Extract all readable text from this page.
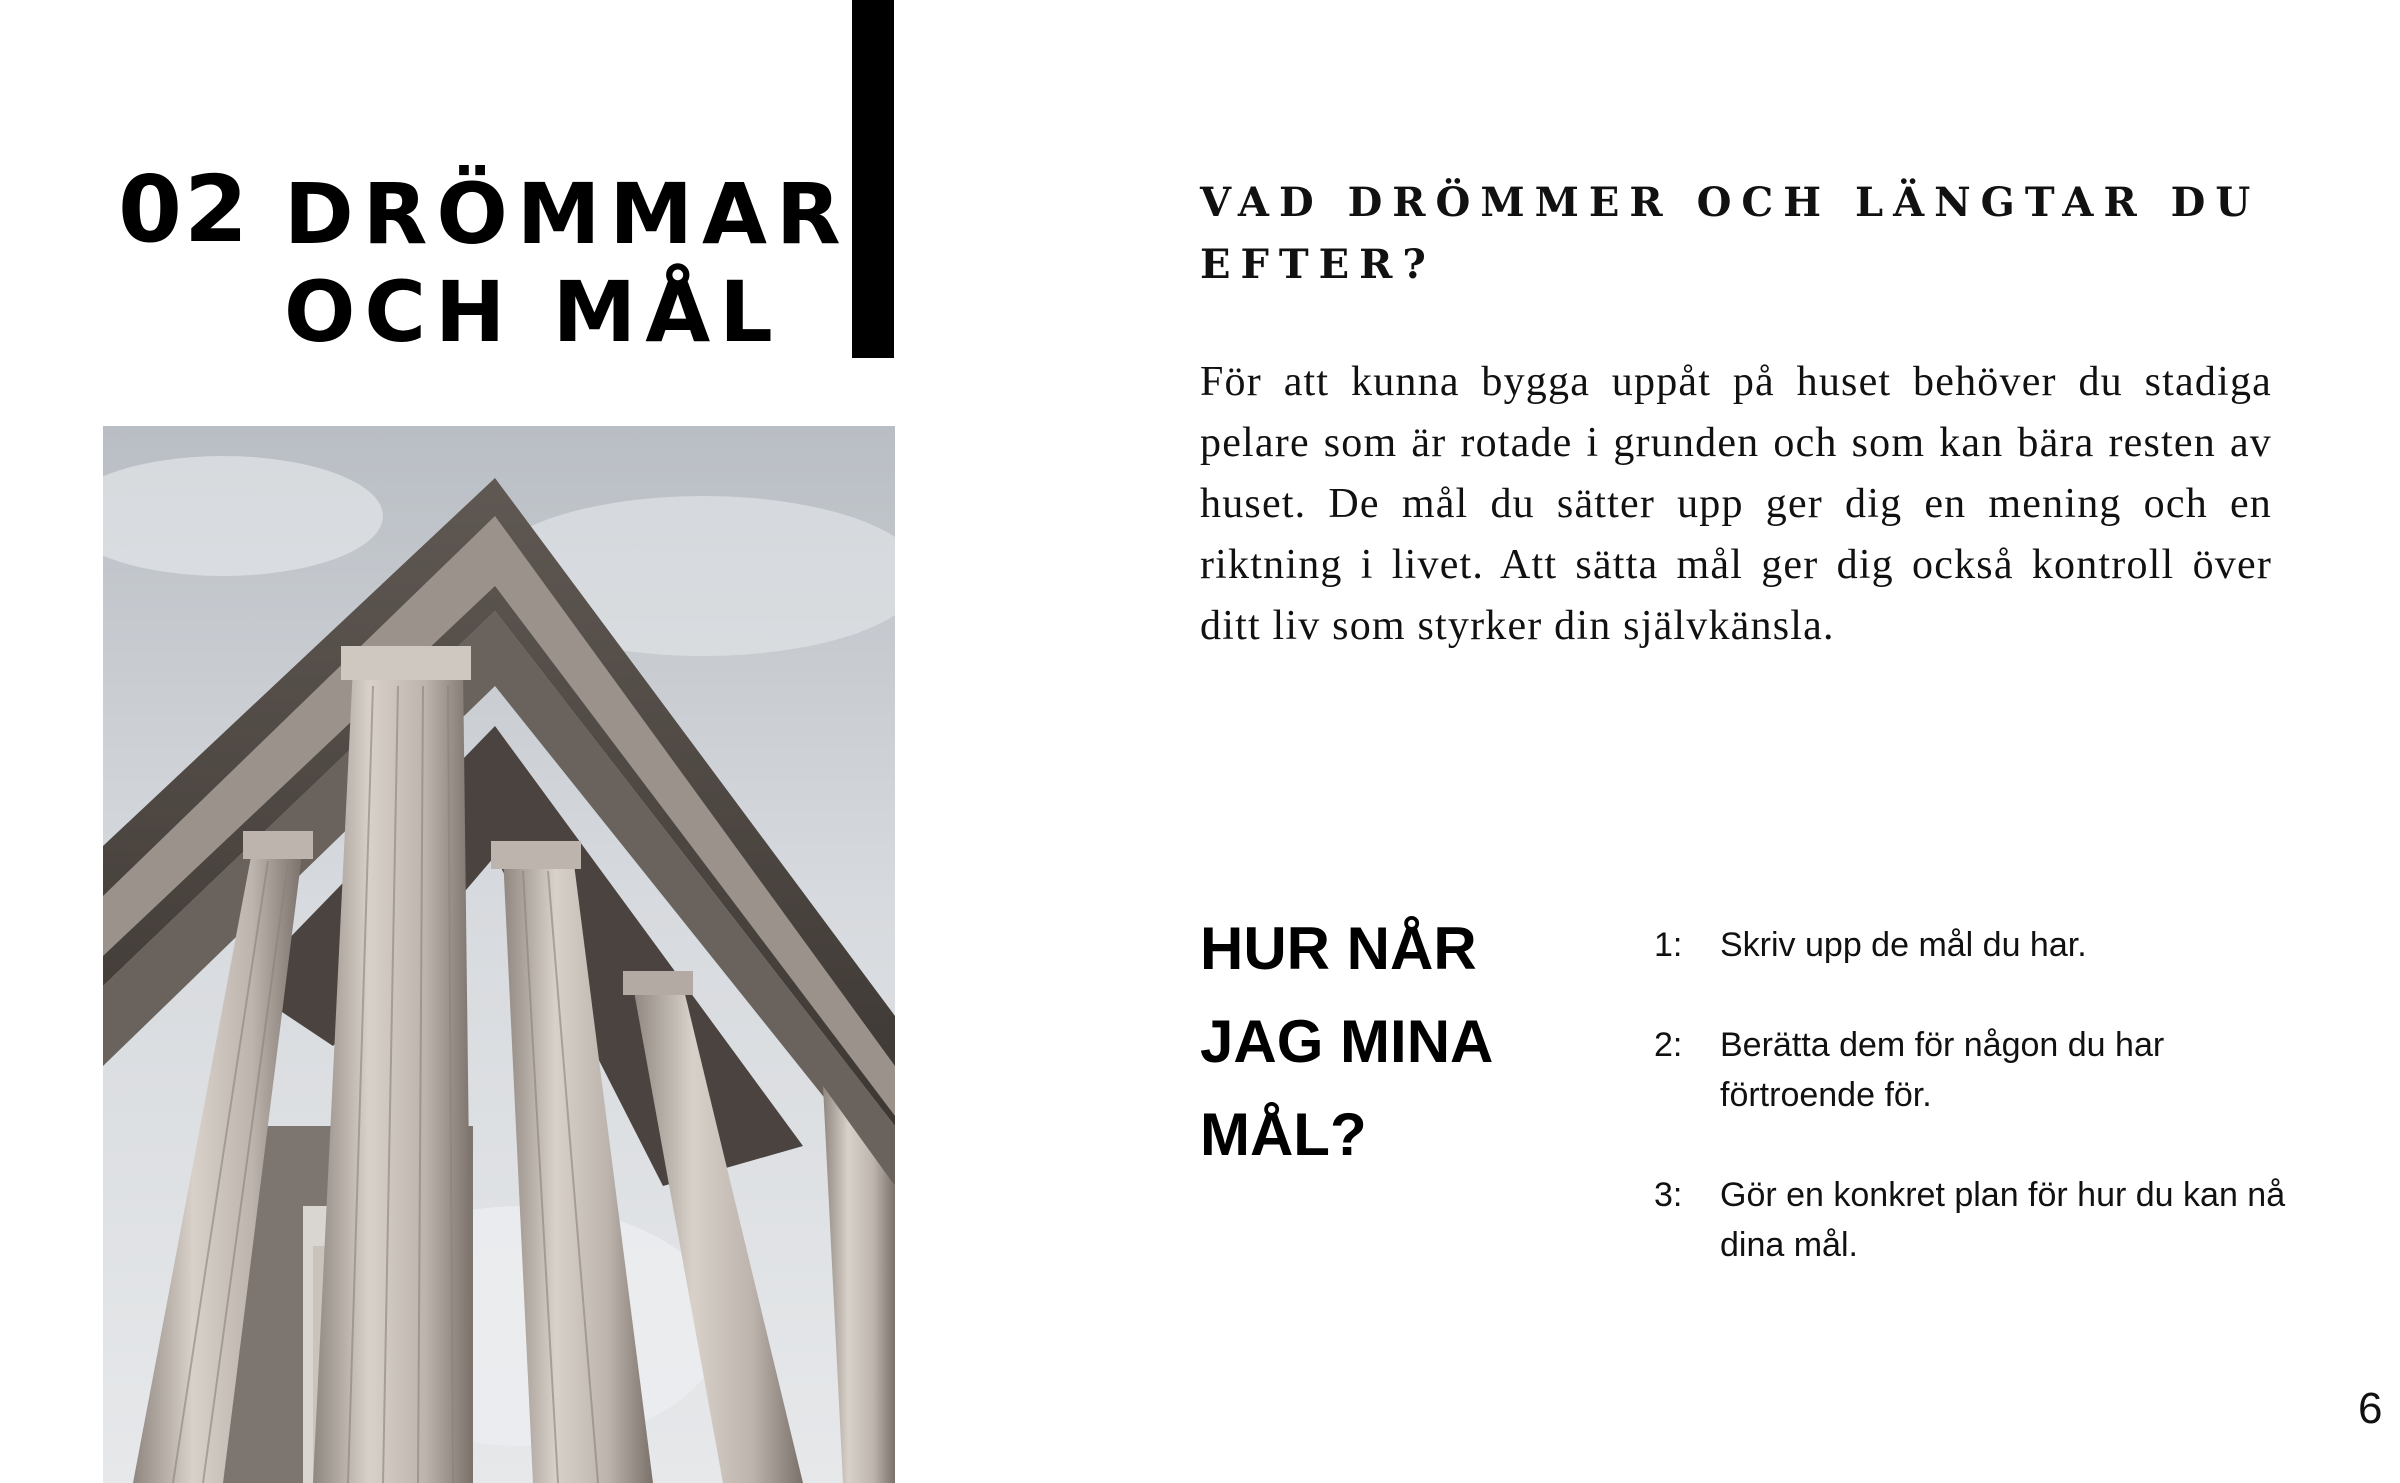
02 DRÖMMAR
OCH MÅL
VAD DRÖMMER OCH LÄNGTAR DU EFTER?
För att kunna bygga uppåt på huset behöver du stadiga pelare som är rotade i grunden och som kan bära resten av huset. De mål du sätter upp ger dig en mening och en riktning i livet. Att sätta mål ger dig också kontroll över ditt liv som styrker din självkänsla.
HUR NÅR JAG MINA MÅL?
1:	Skriv upp de mål du har.
2:	Berätta dem för någon du har förtroende för.
3:	Gör en konkret plan för hur du kan nå dina mål.
6
